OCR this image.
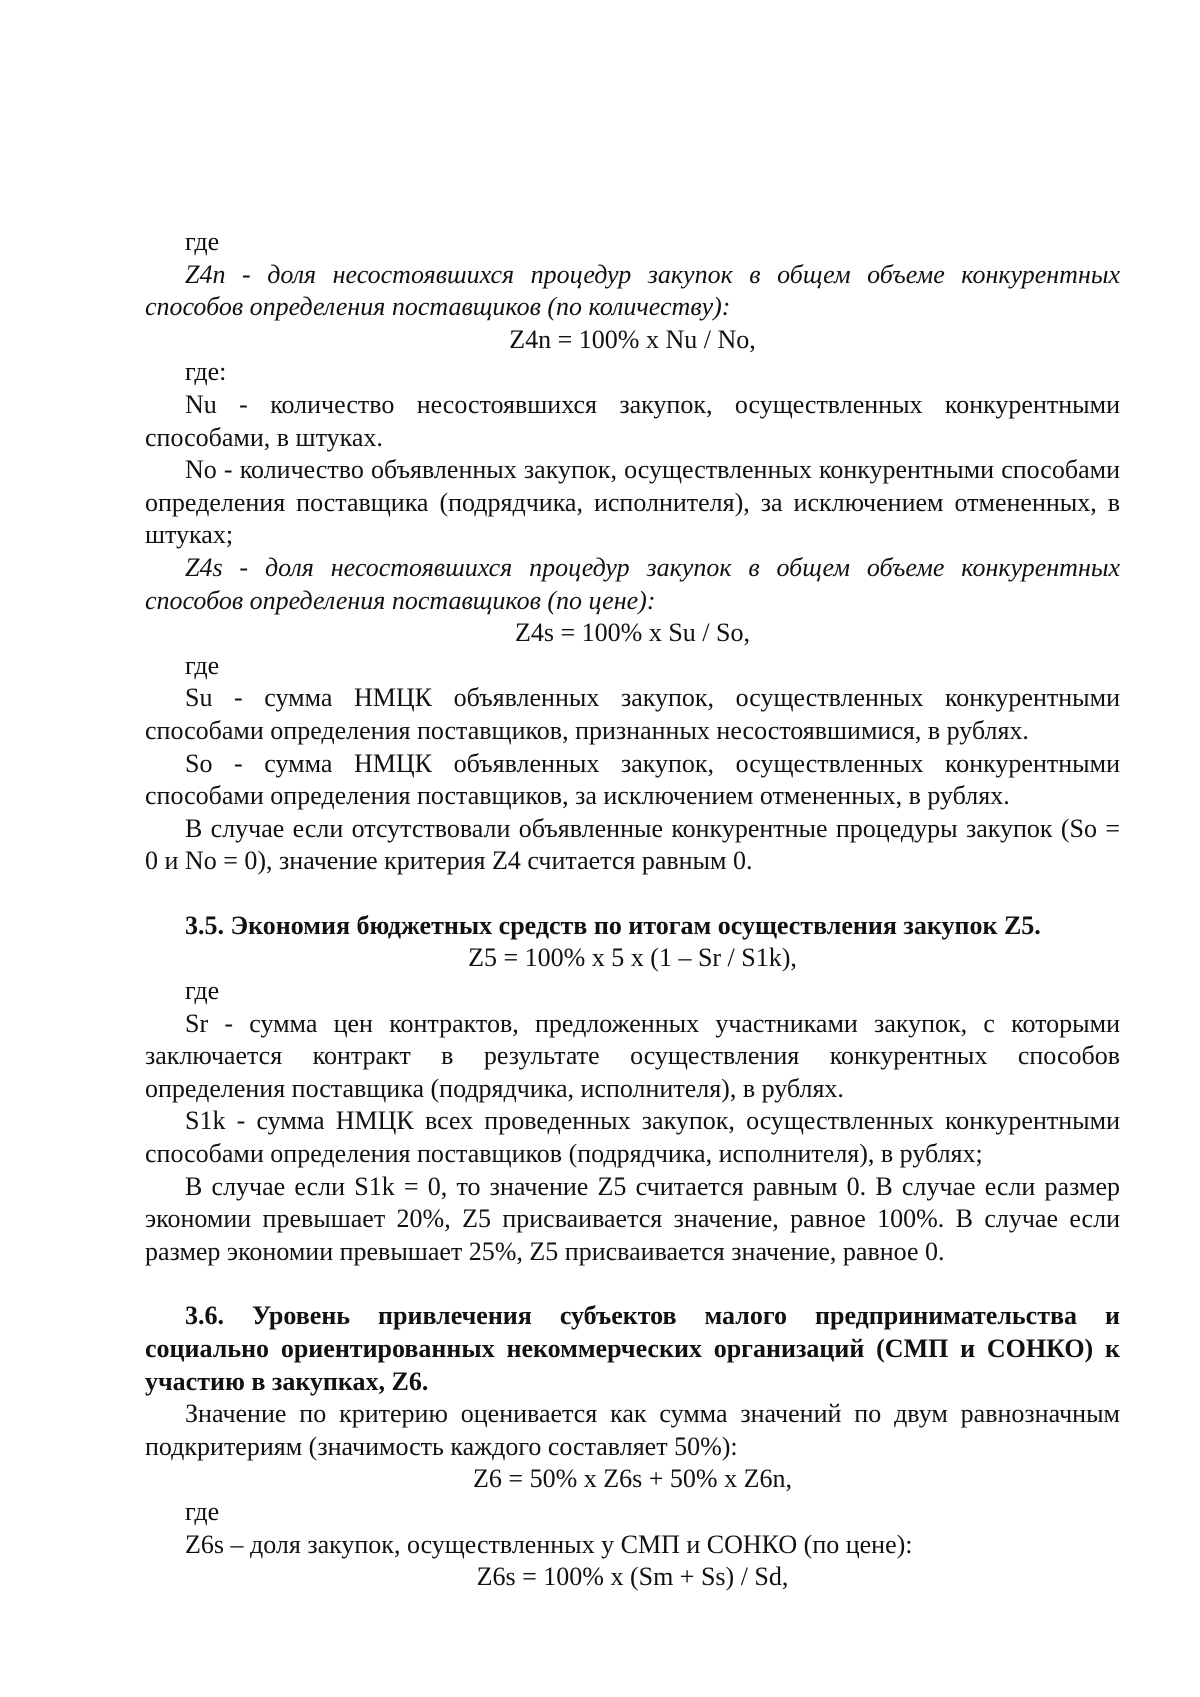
где

Z4n - доля несостоявшихся процедур закупок в общем объеме конкурентных способов определения поставщиков (по количеству):

Z4n = 100% x Nu / No,

где:

Nu - количество несостоявшихся закупок, осуществленных конкурентными способами, в штуках.

No - количество объявленных закупок, осуществленных конкурентными способами определения поставщика (подрядчика, исполнителя), за исключением отмененных, в штуках;

Z4s - доля несостоявшихся процедур закупок в общем объеме конкурентных способов определения поставщиков (по цене):

Z4s = 100% x Su / So,

где

Su - сумма НМЦК объявленных закупок, осуществленных конкурентными способами определения поставщиков, признанных несостоявшимися, в рублях.

So - сумма НМЦК объявленных закупок, осуществленных конкурентными способами определения поставщиков, за исключением отмененных, в рублях.

В случае если отсутствовали объявленные конкурентные процедуры закупок (So = 0 и No = 0), значение критерия Z4 считается равным 0.

3.5. Экономия бюджетных средств по итогам осуществления закупок Z5.

Z5 = 100% x 5 x (1 – Sr / S1k),

где

Sr - сумма цен контрактов, предложенных участниками закупок, с которыми заключается контракт в результате осуществления конкурентных способов определения поставщика (подрядчика, исполнителя), в рублях.

S1k - сумма НМЦК всех проведенных закупок, осуществленных конкурентными способами определения поставщиков (подрядчика, исполнителя), в рублях;

В случае если S1k = 0, то значение Z5 считается равным 0. В случае если размер экономии превышает 20%, Z5 присваивается значение, равное 100%. В случае если размер экономии превышает 25%, Z5 присваивается значение, равное 0.

3.6. Уровень привлечения субъектов малого предпринимательства и социально ориентированных некоммерческих организаций (СМП и СОНКО) к участию в закупках, Z6.

Значение по критерию оценивается как сумма значений по двум равнозначным подкритериям (значимость каждого составляет 50%):

Z6 = 50% x Z6s + 50% x Z6n,

где

Z6s – доля закупок, осуществленных у СМП и СОНКО (по цене):

Z6s = 100% x (Sm + Ss) / Sd,
